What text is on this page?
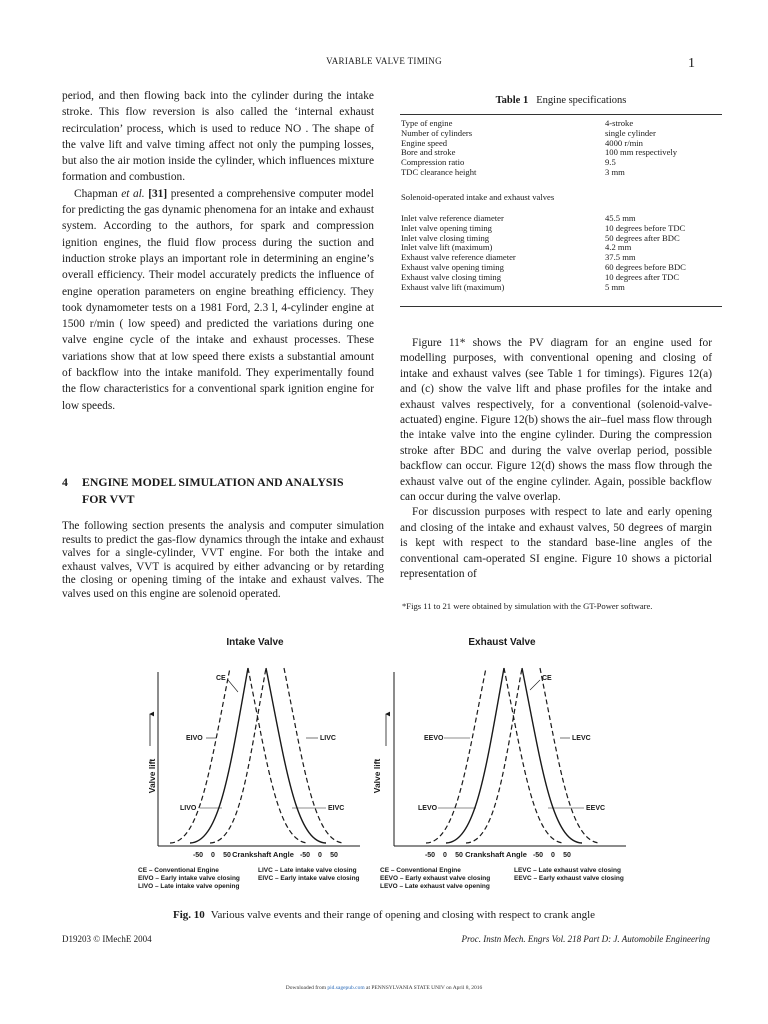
VARIABLE VALVE TIMING	1

period, and then flowing back into the cylinder during the intake stroke. This flow reversion is also called the ‘internal exhaust recirculation’ process, which is used to reduce NO . The shape of the valve lift and valve timing affect not only the pumping losses, but also the air motion inside the cylinder, which influences mixture formation and combustion.

Chapman et al. [31] presented a comprehensive computer model for predicting the gas dynamic phenomena for an intake and exhaust system. According to the authors, for spark and compression ignition engines, the fluid flow process during the suction and induction stroke plays an important role in determining an engine’s overall efficiency. Their model accurately predicts the influence of engine operation parameters on engine breathing efficiency. They took dynamometer tests on a 1981 Ford, 2.3 l, 4-cylinder engine at 1500 r/min ( low speed) and predicted the variations during one valve engine cycle of the intake and exhaust processes. These variations show that at low speed there exists a substantial amount of backflow into the intake manifold. They experimentally found the flow characteristics for a conventional spark ignition engine for low speeds.

4 ENGINE MODEL SIMULATION AND ANALYSIS FOR VVT

The following section presents the analysis and computer simulation results to predict the gas-flow dynamics through the intake and exhaust valves for a single-cylinder, VVT engine. For both the intake and exhaust valves, VVT is acquired by either advancing or by retarding the closing or opening timing of the intake and exhaust valves. The valves used on this engine are solenoid operated.

Table 1 Engine specifications
Type of engine	4-stroke
Number of cylinders	single cylinder
Engine speed	4000 r/min
Bore and stroke	100 mm respectively
Compression ratio	9.5
TDC clearance height	3 mm
Solenoid-operated intake and exhaust valves
Inlet valve reference diameter	45.5 mm
Inlet valve opening timing	10 degrees before TDC
Inlet valve closing timing	50 degrees after BDC
Inlet valve lift (maximum)	4.2 mm
Exhaust valve reference diameter	37.5 mm
Exhaust valve opening timing	60 degrees before BDC
Exhaust valve closing timing	10 degrees after TDC
Exhaust valve lift (maximum)	5 mm

Figure 11* shows the PV diagram for an engine used for modelling purposes, with conventional opening and closing of intake and exhaust valves (see Table 1 for timings). Figures 12(a) and (c) show the valve lift and phase profiles for the intake and exhaust valves respectively, for a conventional (solenoid-valve-actuated) engine. Figure 12(b) shows the air–fuel mass flow through the intake valve into the engine cylinder. During the compression stroke after BDC and during the valve overlap period, possible backflow can occur. Figure 12(d) shows the mass flow through the exhaust valve out of the engine cylinder. Again, possible backflow can occur during the valve overlap.

For discussion purposes with respect to late and early opening and closing of the intake and exhaust valves, 50 degrees of margin is kept with respect to the standard base-line angles of the conventional cam-operated SI engine. Figure 10 shows a pictorial representation of

*Figs 11 to 21 were obtained by simulation with the GT-Power software.
Intake Valve
Valve lift
CE
EIVO	LIVC
LIVO	EIVC
-50 0 50 Crankshaft Angle -50 0 50
CE – Conventional Engine	LIVC – Late intake valve closing
EIVO – Early intake valve closing	EIVC – Early intake valve closing
LIVO – Late intake valve opening
Exhaust Valve
Valve lift
CE
EEVO	LEVC
LEVO	EEVC
-50 0 50 Crankshaft Angle -50 0 50
CE – Conventional Engine	LEVC – Late exhaust valve closing
EEVO – Early exhaust valve closing	EEVC – Early exhaust valve closing
LEVO – Late exhaust valve opening
Fig. 10 Various valve events and their range of opening and closing with respect to crank angle
D19203 © IMechE 2004	Proc. Instn Mech. Engrs Vol. 218 Part D: J. Automobile Engineering
Downloaded from pid.sagepub.com at PENNSYLVANIA STATE UNIV on April 8, 2016
